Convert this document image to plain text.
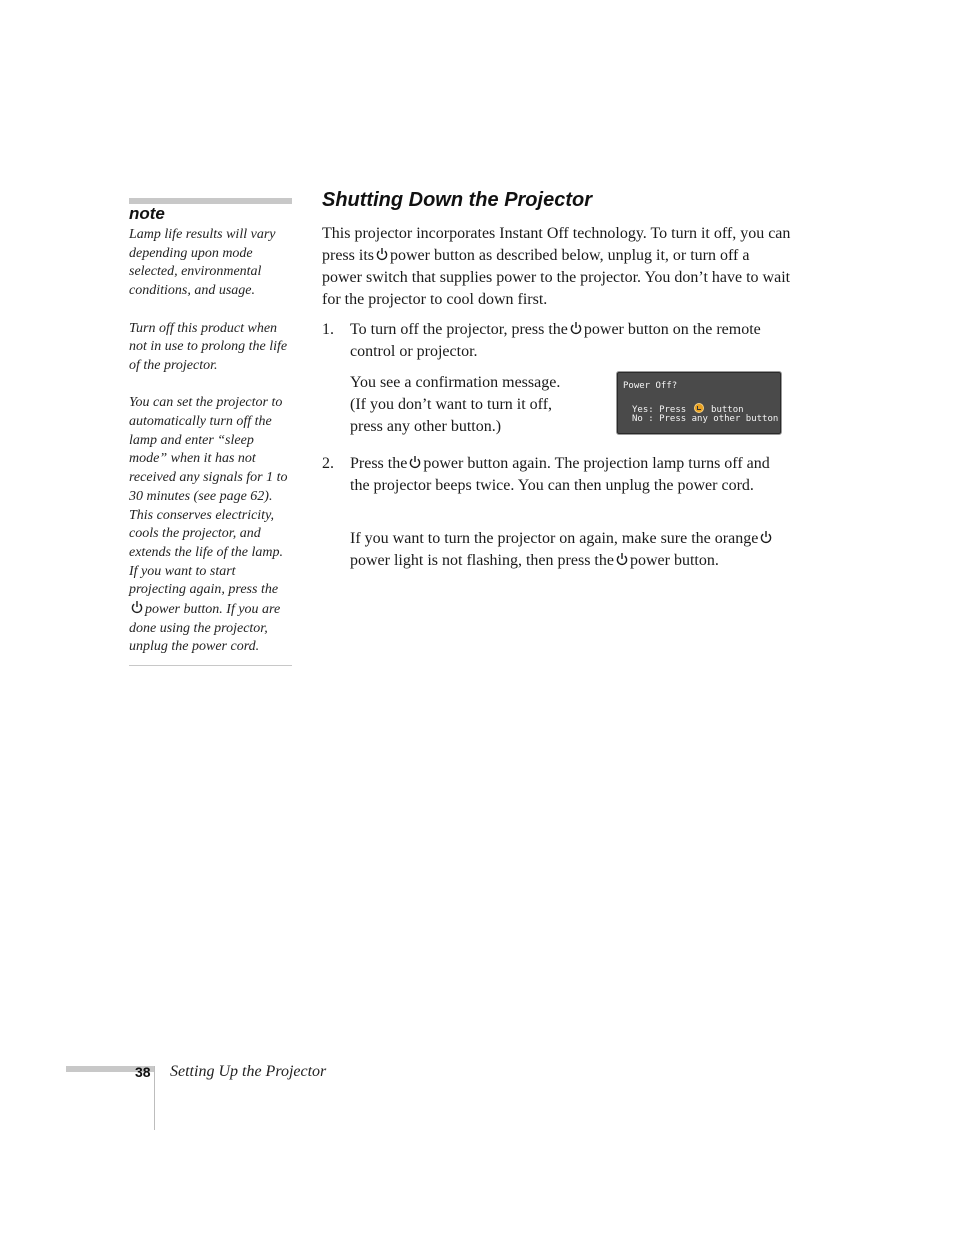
note

Lamp life results will vary depending upon mode selected, environmental conditions, and usage.

Turn off this product when not in use to prolong the life of the projector.

You can set the projector to automatically turn off the lamp and enter “sleep mode” when it has not received any signals for 1 to 30 minutes (see page 62). This conserves electricity, cools the projector, and extends the life of the lamp. If you want to start projecting again, press thepower button. If you are done using the projector, unplug the power cord.

Shutting Down the Projector

This projector incorporates Instant Off technology. To turn it off, you can press its power button as described below, unplug it, or turn off a power switch that supplies power to the projector. You don’t have to wait for the projector to cool down first.

1. To turn off the projector, press the power button on the remote control or projector.

You see a confirmation message. (If you don’t want to turn it off, press any other button.)

Power Off?
Yes: Press	button
No : Press any other button
2. Press the power button again. The projection lamp turns off and the projector beeps twice. You can then unplug the power cord.

If you want to turn the projector on again, make sure the orangepower light is not flashing, then press the power button.

38 Setting Up the Projector
